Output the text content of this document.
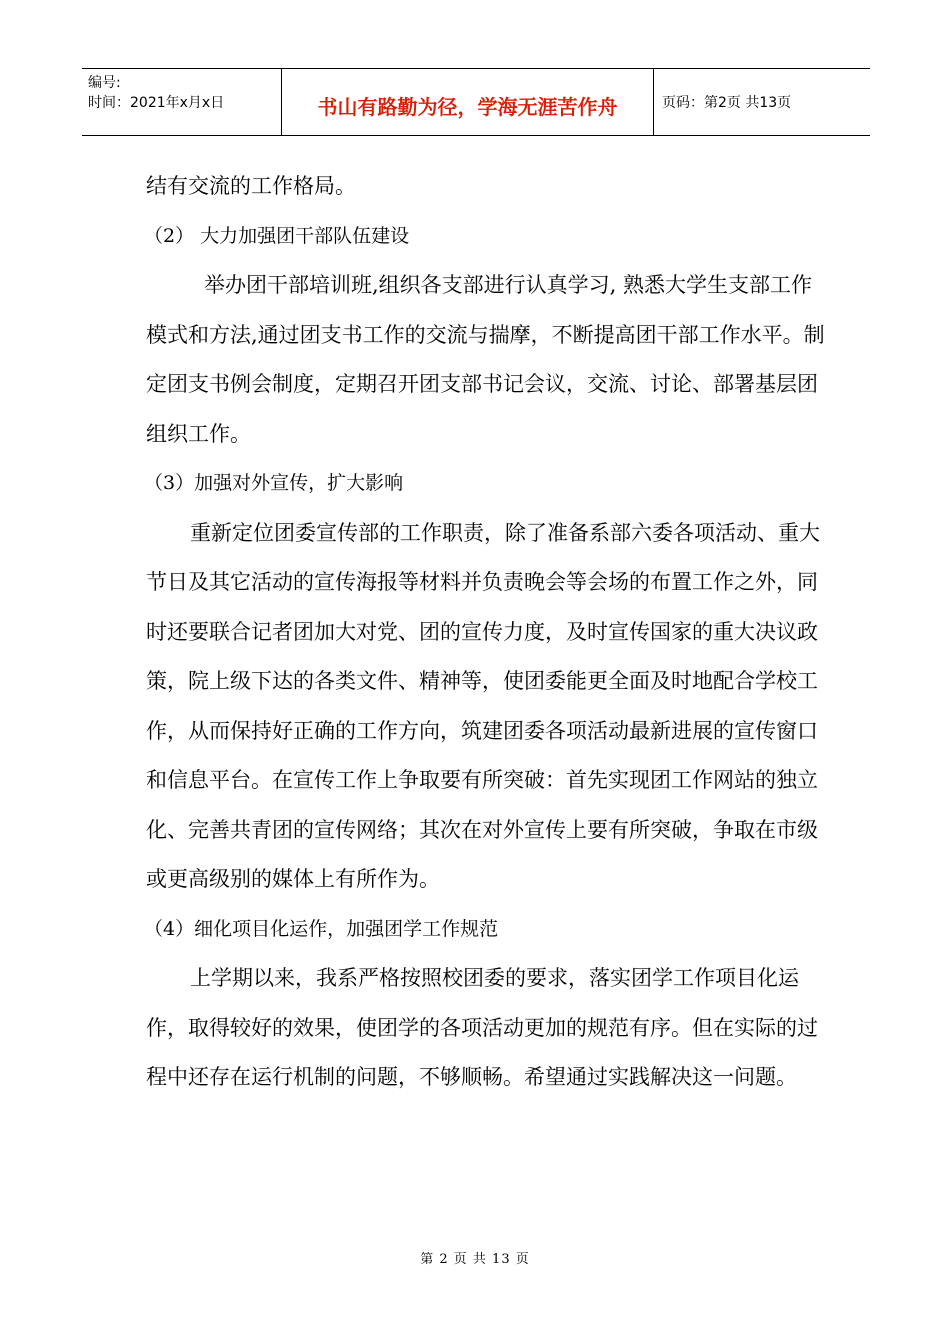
编号:
时间：2021年x月x日	书山有路勤为径，学海无涯苦作舟	页码：第2页 共13页

结有交流的工作格局。

（2） 大力加强团干部队伍建设

举办团干部培训班,组织各支部进行认真学习, 熟悉大学生支部工作模式和方法,通过团支书工作的交流与揣摩，不断提高团干部工作水平。制定团支书例会制度，定期召开团支部书记会议，交流、讨论、部署基层团组织工作。

（3）加强对外宣传，扩大影响

重新定位团委宣传部的工作职责，除了准备系部六委各项活动、重大节日及其它活动的宣传海报等材料并负责晚会等会场的布置工作之外，同时还要联合记者团加大对党、团的宣传力度，及时宣传国家的重大决议政策，院上级下达的各类文件、精神等，使团委能更全面及时地配合学校工作，从而保持好正确的工作方向，筑建团委各项活动最新进展的宣传窗口和信息平台。在宣传工作上争取要有所突破：首先实现团工作网站的独立化、完善共青团的宣传网络；其次在对外宣传上要有所突破，争取在市级或更高级别的媒体上有所作为。

（4）细化项目化运作，加强团学工作规范

上学期以来，我系严格按照校团委的要求，落实团学工作项目化运作，取得较好的效果，使团学的各项活动更加的规范有序。但在实际的过程中还存在运行机制的问题，不够顺畅。希望通过实践解决这一问题。

第 2 页 共 13 页
